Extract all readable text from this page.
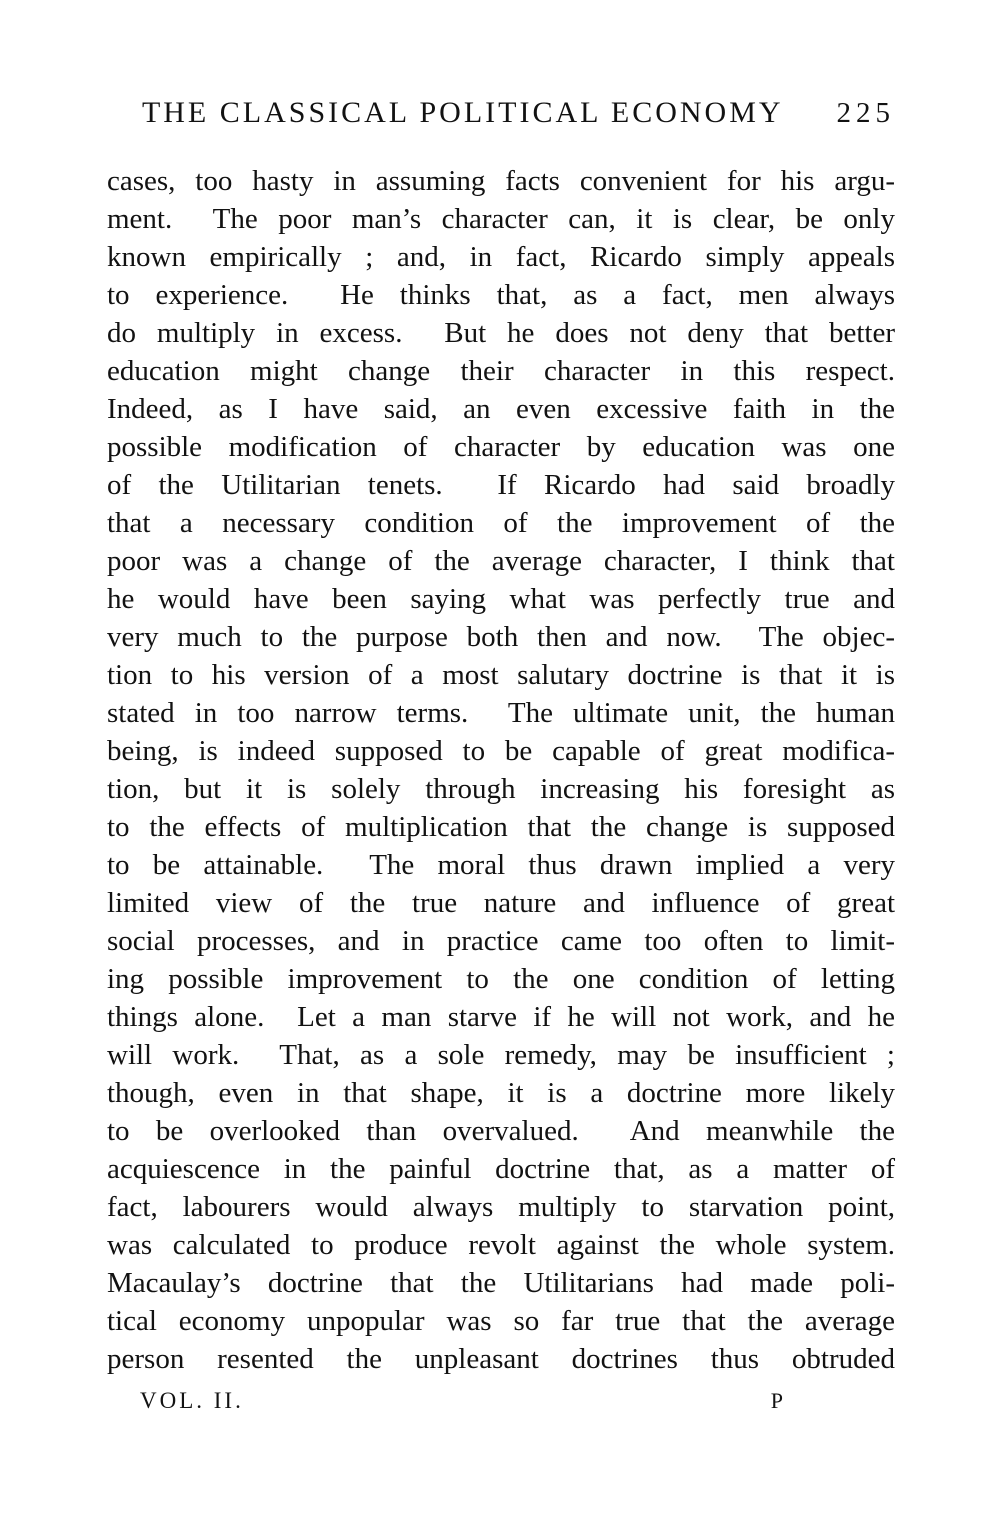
THE CLASSICAL POLITICAL ECONOMY	225
cases, too hasty in assuming facts convenient for his argu-
ment.  The poor man’s character can, it is clear, be only
known empirically ; and, in fact, Ricardo simply appeals
to experience.  He thinks that, as a fact, men always
do multiply in excess.  But he does not deny that better
education might change their character in this respect.
Indeed, as I have said, an even excessive faith in the
possible modification of character by education was one
of the Utilitarian tenets.  If Ricardo had said broadly
that a necessary condition of the improvement of the
poor was a change of the average character, I think that
he would have been saying what was perfectly true and
very much to the purpose both then and now.  The objec-
tion to his version of a most salutary doctrine is that it is
stated in too narrow terms.  The ultimate unit, the human
being, is indeed supposed to be capable of great modifica-
tion, but it is solely through increasing his foresight as
to the effects of multiplication that the change is supposed
to be attainable.  The moral thus drawn implied a very
limited view of the true nature and influence of great
social processes, and in practice came too often to limit-
ing possible improvement to the one condition of letting
things alone.  Let a man starve if he will not work, and he
will work.  That, as a sole remedy, may be insufficient ;
though, even in that shape, it is a doctrine more likely
to be overlooked than overvalued.  And meanwhile the
acquiescence in the painful doctrine that, as a matter of
fact, labourers would always multiply to starvation point,
was calculated to produce revolt against the whole system.
Macaulay’s doctrine that the Utilitarians had made poli-
tical economy unpopular was so far true that the average
person resented the unpleasant doctrines thus obtruded
VOL. II.	P
